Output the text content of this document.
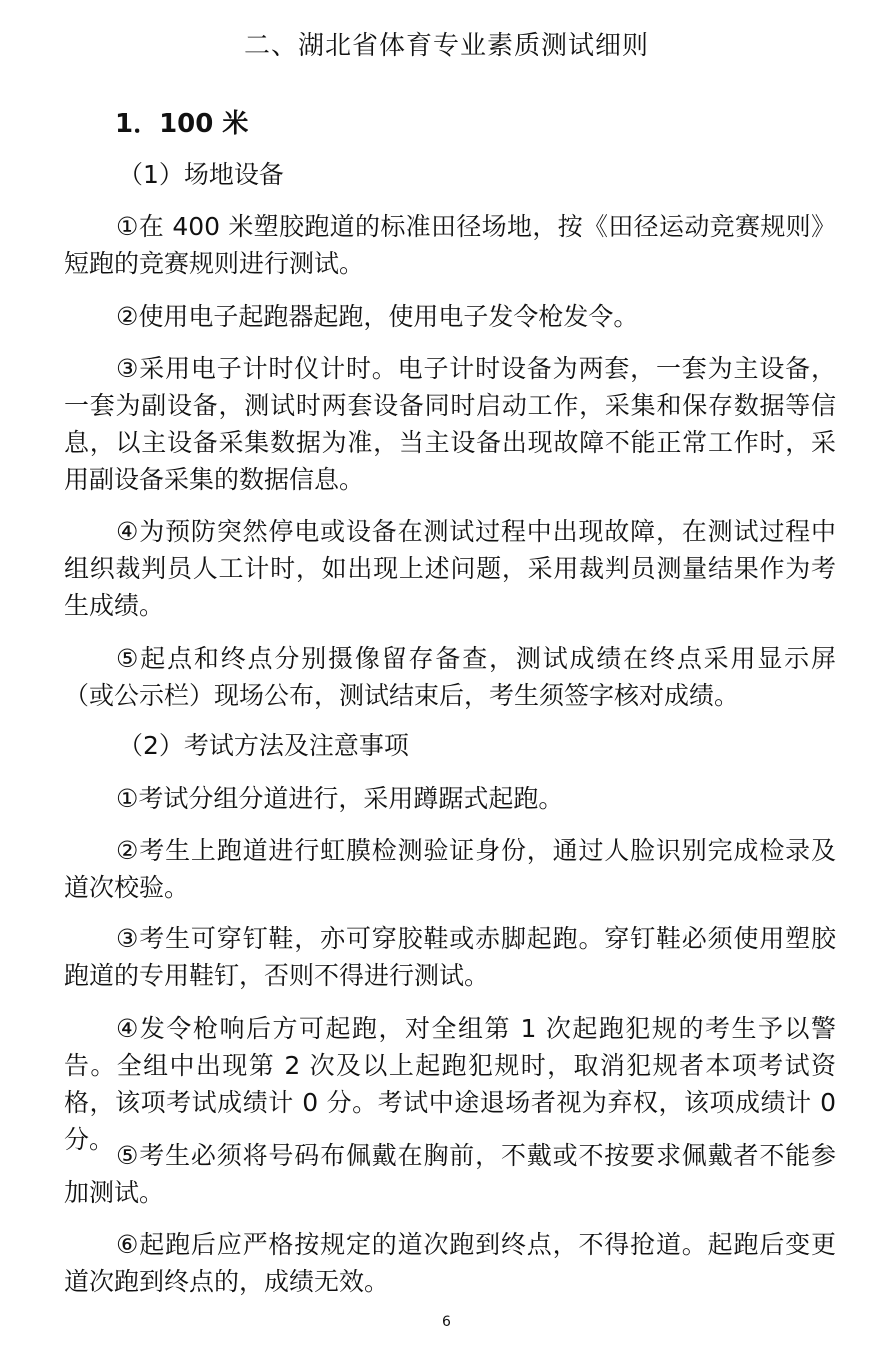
二、湖北省体育专业素质测试细则
1．100 米
（1）场地设备
①在 400 米塑胶跑道的标准田径场地，按《田径运动竞赛规则》短跑的竞赛规则进行测试。
②使用电子起跑器起跑，使用电子发令枪发令。
③采用电子计时仪计时。电子计时设备为两套，一套为主设备，一套为副设备，测试时两套设备同时启动工作，采集和保存数据等信息，以主设备采集数据为准，当主设备出现故障不能正常工作时，采用副设备采集的数据信息。
④为预防突然停电或设备在测试过程中出现故障，在测试过程中组织裁判员人工计时，如出现上述问题，采用裁判员测量结果作为考生成绩。
⑤起点和终点分别摄像留存备查，测试成绩在终点采用显示屏（或公示栏）现场公布，测试结束后，考生须签字核对成绩。
（2）考试方法及注意事项
①考试分组分道进行，采用蹲踞式起跑。
②考生上跑道进行虹膜检测验证身份，通过人脸识别完成检录及道次校验。
③考生可穿钉鞋，亦可穿胶鞋或赤脚起跑。穿钉鞋必须使用塑胶跑道的专用鞋钉，否则不得进行测试。
④发令枪响后方可起跑，对全组第 1 次起跑犯规的考生予以警告。全组中出现第 2 次及以上起跑犯规时，取消犯规者本项考试资格，该项考试成绩计 0 分。考试中途退场者视为弃权，该项成绩计 0 分。
⑤考生必须将号码布佩戴在胸前，不戴或不按要求佩戴者不能参加测试。
⑥起跑后应严格按规定的道次跑到终点，不得抢道。起跑后变更道次跑到终点的，成绩无效。
6
